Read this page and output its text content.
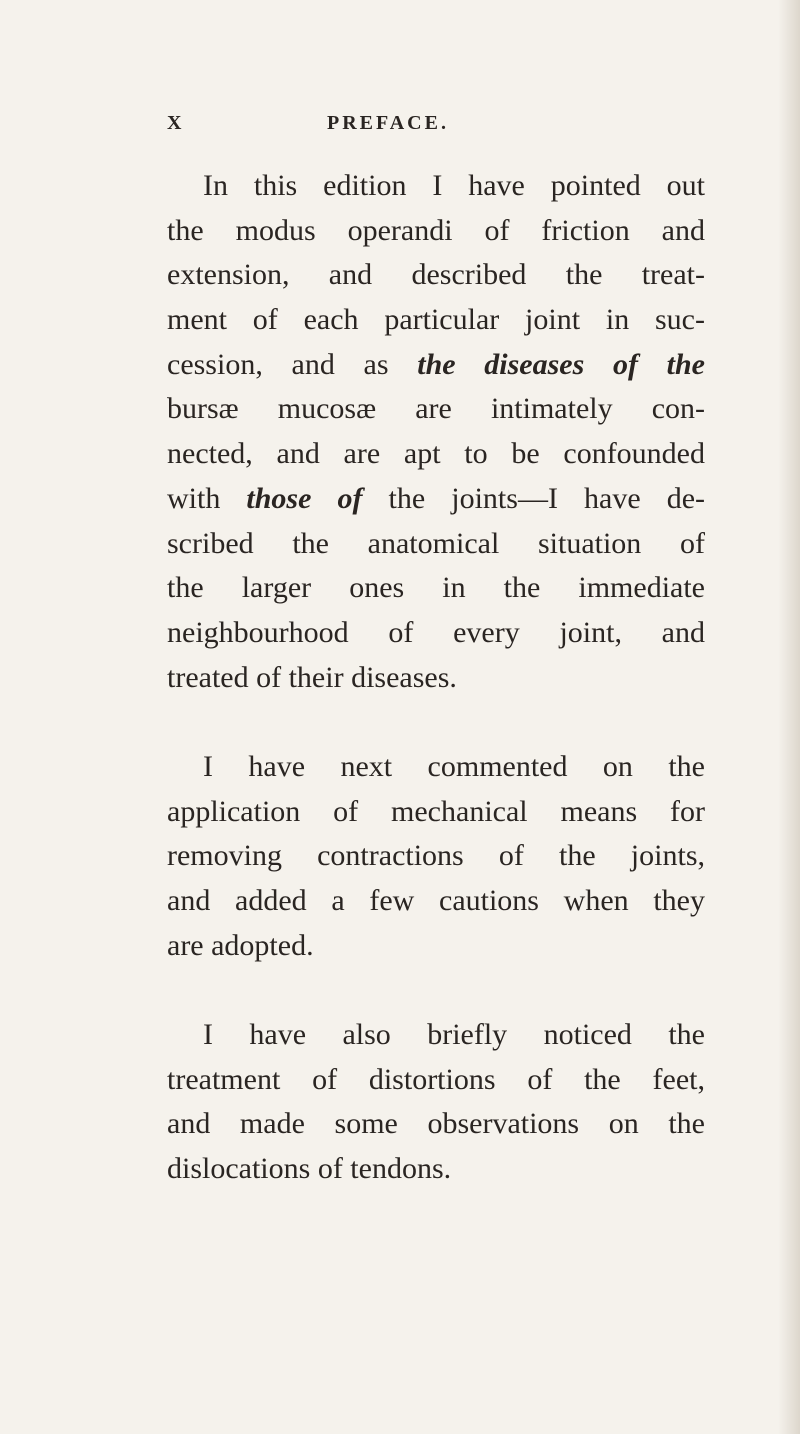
X	PREFACE.
In this edition I have pointed out
the modus operandi of friction and
extension, and described the treat-
ment of each particular joint in suc-
cession, and as the diseases of the
bursæ mucosæ are intimately con-
nected, and are apt to be confounded
with those of the joints—I have de-
scribed the anatomical situation of
the larger ones in the immediate
neighbourhood of every joint, and
treated of their diseases.
I have next commented on the
application of mechanical means for
removing contractions of the joints,
and added a few cautions when they
are adopted.
I have also briefly noticed the
treatment of distortions of the feet,
and made some observations on the
dislocations of tendons.
